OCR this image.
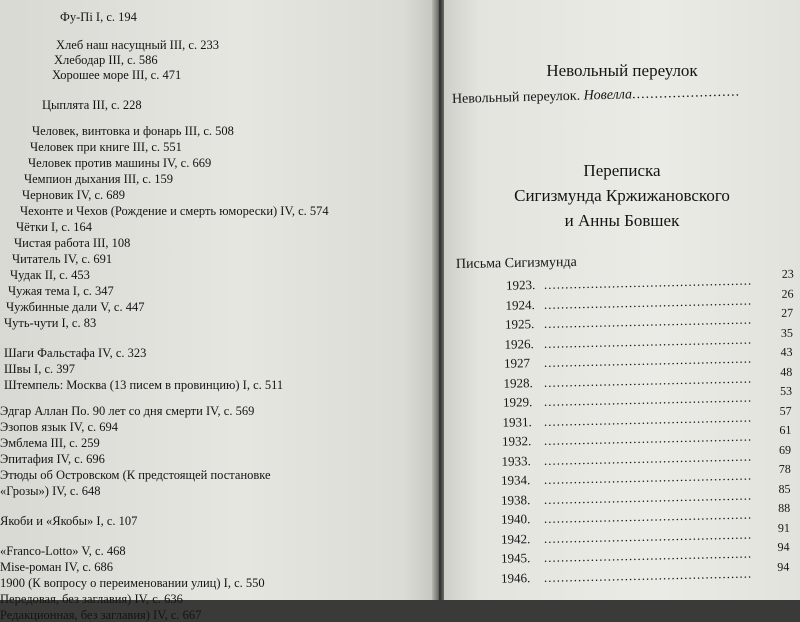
Фу-Пі I, с. 194
Хлеб наш насущный III, с. 233
Хлебодар III, с. 586
Хорошее море III, с. 471
Цыплята III, с. 228
Человек, винтовка и фонарь III, с. 508
Человек при книге III, с. 551
Человек против машины IV, с. 669
Чемпион дыхания III, с. 159
Черновик IV, с. 689
Чехонте и Чехов (Рождение и смерть юморески) IV, с. 574
Чётки I, с. 164
Чистая работа III, 108
Читатель IV, с. 691
Чудак II, с. 453
Чужая тема I, с. 347
Чужбинные дали V, с. 447
Чуть-чути I, с. 83
Шаги Фальстафа IV, с. 323
Швы I, с. 397
Штемпель: Москва (13 писем в провинцию) I, с. 511
Эдгар Аллан По. 90 лет со дня смерти IV, с. 569
Эзопов язык IV, с. 694
Эмблема III, с. 259
Эпитафия IV, с. 696
Этюды об Островском (К предстоящей постановке
«Грозы») IV, с. 648
Якоби и «Якобы» I, с. 107
«Franco-Lotto» V, с. 468
Mise-роман IV, с. 686
1900 (К вопросу о переименовании улиц) I, с. 550
Передовая, без заглавия) IV, с. 636
Редакционная, без заглавия) IV, с. 667
Невольный переулок
Невольный переулок. Новелла........................
Переписка
Сигизмунда Кржижановского
и Анны Бовшек
Письма Сигизмунда
1923. ................................................. 23
1924. ................................................. 26
1925. ................................................. 27
1926. ................................................. 35
1927 ................................................. 43
1928. ................................................. 48
1929. ................................................. 53
1931. ................................................. 57
1932. ................................................. 61
1933. ................................................. 69
1934. ................................................. 78
1938. ................................................. 85
1940. ................................................. 88
1942. ................................................. 91
1945. ................................................. 94
1946. ................................................. 94
